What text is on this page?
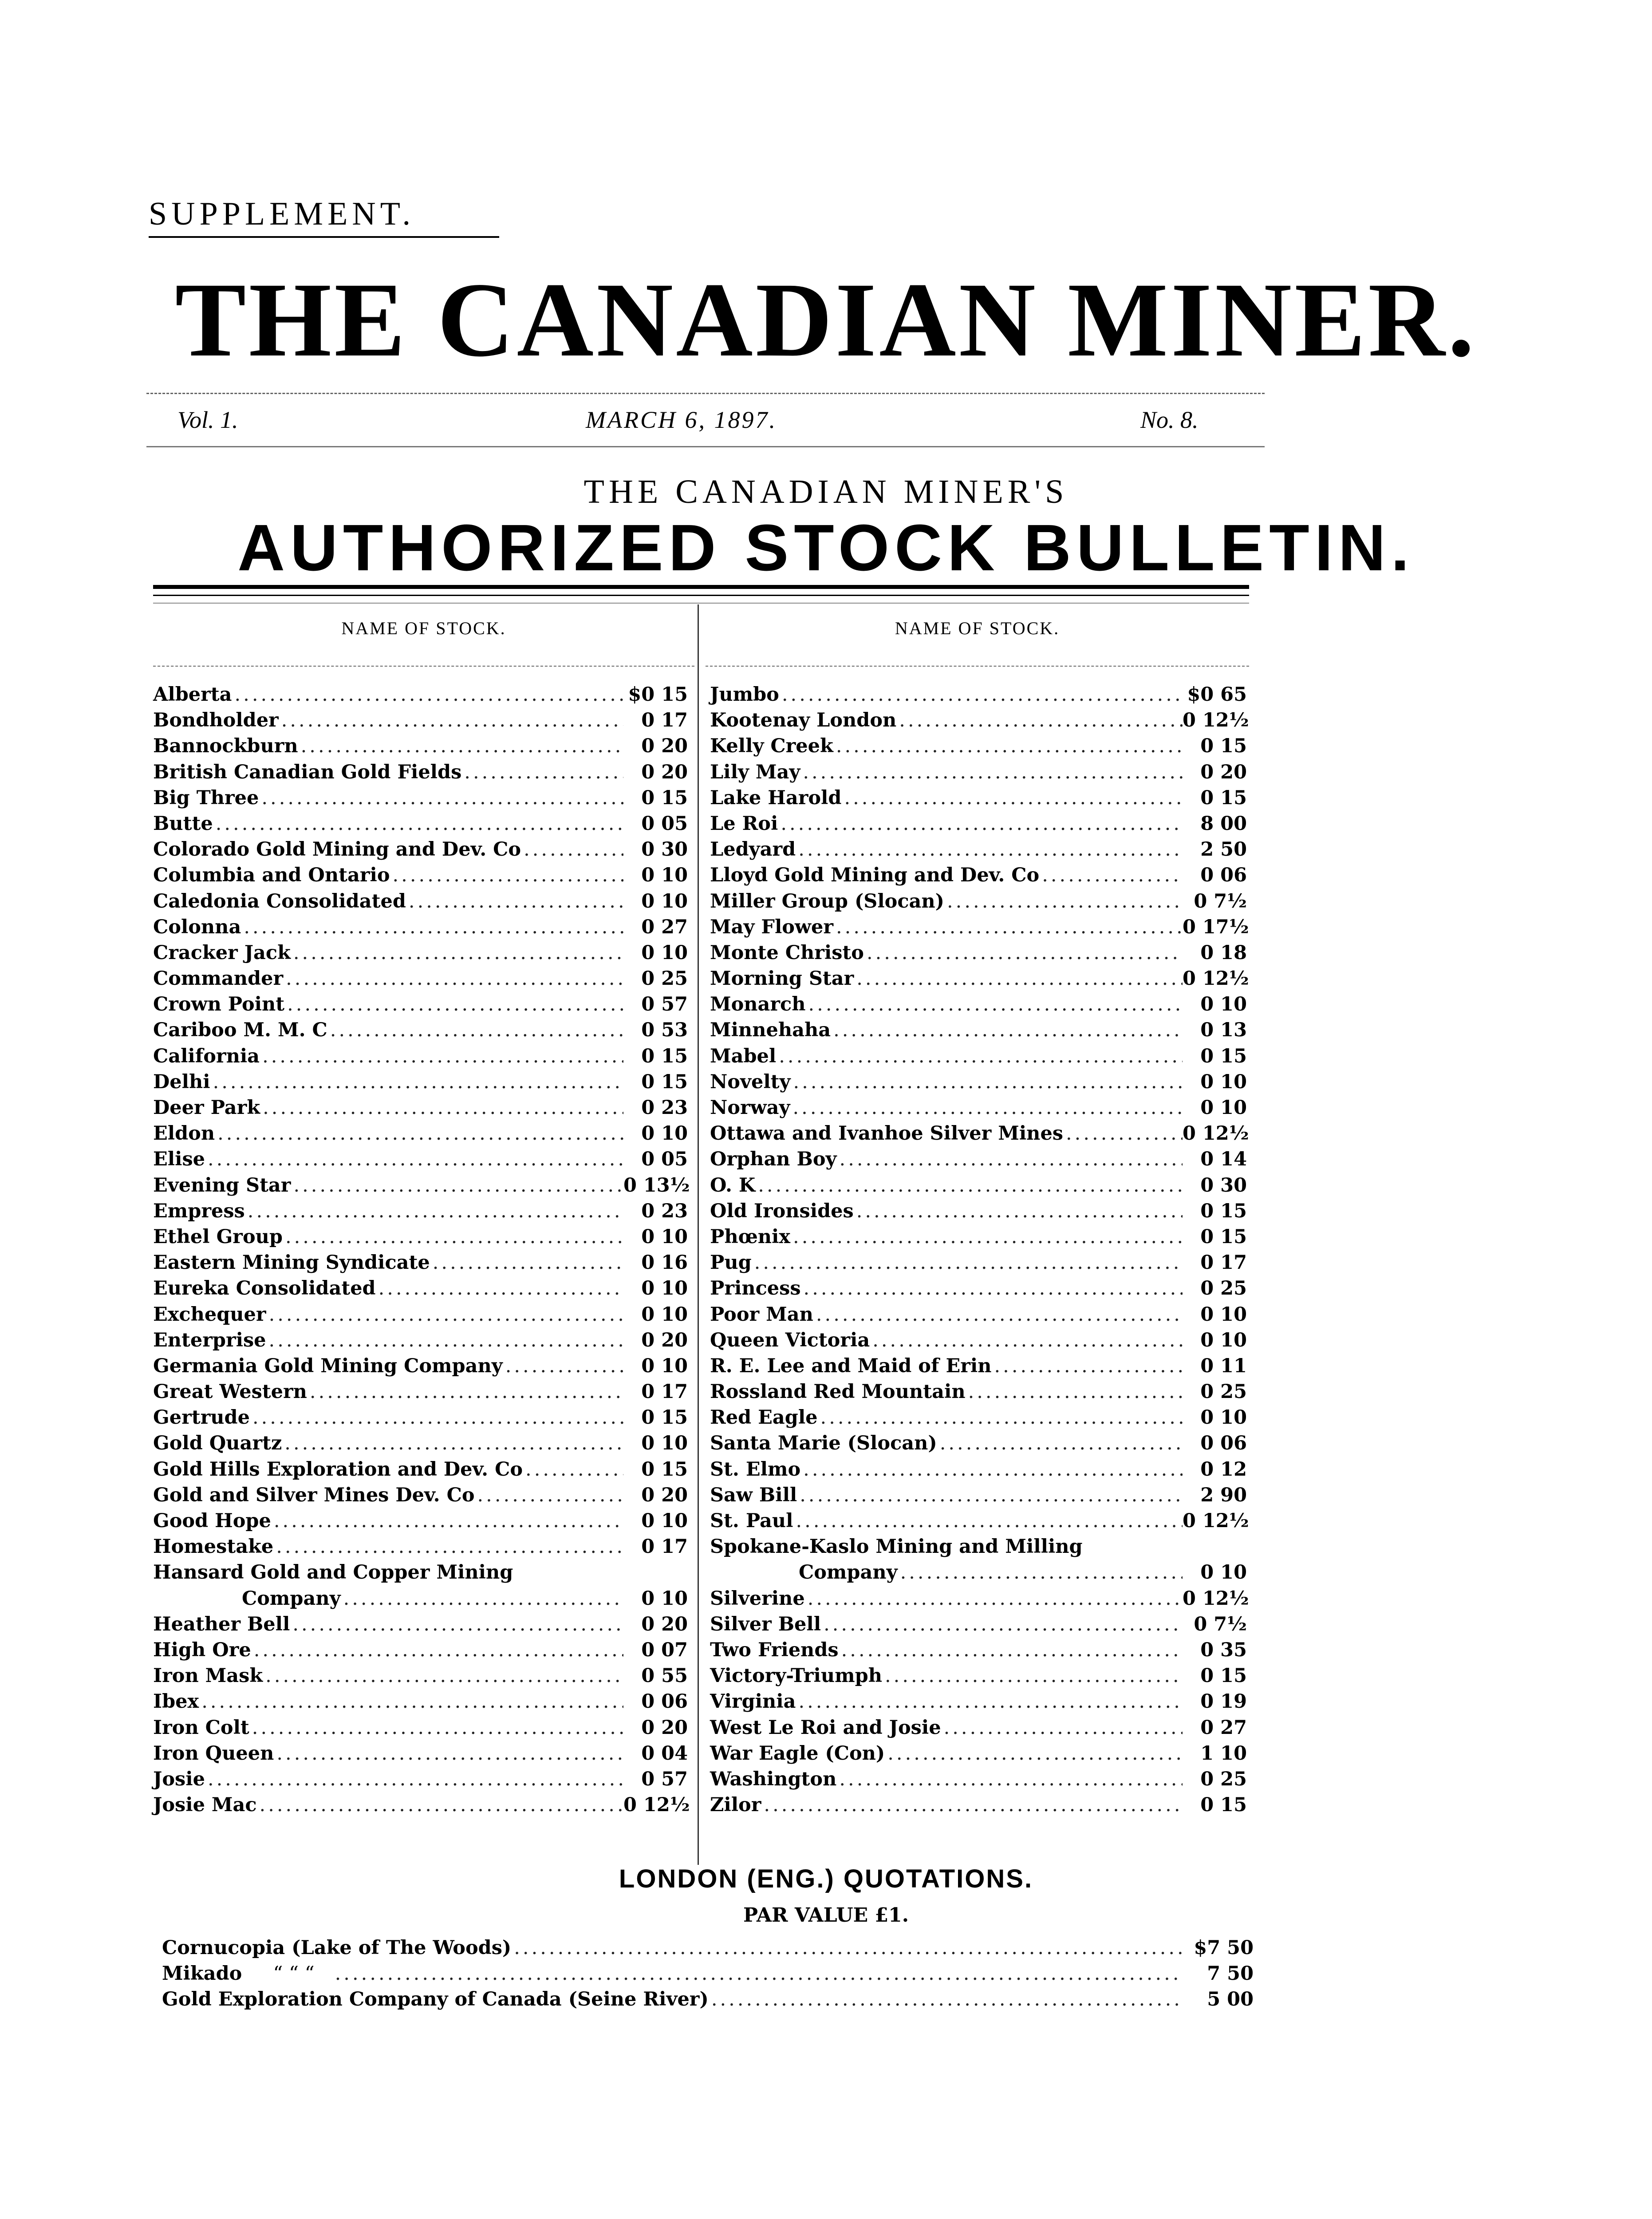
SUPPLEMENT.
THE CANADIAN MINER.
Vol. 1.	MARCH 6, 1897.	No. 8.
THE CANADIAN MINER'S
AUTHORIZED STOCK BULLETIN.
NAME OF STOCK.	NAME OF STOCK.
Alberta .....	$0 15
Bondholder .....	0 17
Bannockburn .....	0 20
British Canadian Gold Fields .....	0 20
Big Three .....	0 15
Butte .....	0 05
Colorado Gold Mining and Dev. Co .....	0 30
Columbia and Ontario .....	0 10
Caledonia Consolidated .....	0 10
Colonna .....	0 27
Cracker Jack .....	0 10
Commander .....	0 25
Crown Point .....	0 57
Cariboo M. M. C .....	0 53
California .....	0 15
Delhi .....	0 15
Deer Park .....	0 23
Eldon .....	0 10
Elise .....	0 05
Evening Star .....	0 13½
Empress .....	0 23
Ethel Group .....	0 10
Eastern Mining Syndicate .....	0 16
Eureka Consolidated .....	0 10
Exchequer .....	0 10
Enterprise .....	0 20
Germania Gold Mining Company .....	0 10
Great Western .....	0 17
Gertrude .....	0 15
Gold Quartz .....	0 10
Gold Hills Exploration and Dev. Co .....	0 15
Gold and Silver Mines Dev. Co .....	0 20
Good Hope .....	0 10
Homestake .....	0 17
Hansard Gold and Copper Mining
Company .....	0 10
Heather Bell .....	0 20
High Ore .....	0 07
Iron Mask .....	0 55
Ibex .....	0 06
Iron Colt .....	0 20
Iron Queen .....	0 04
Josie .....	0 57
Josie Mac .....	0 12½
Jumbo .....	$0 65
Kootenay London .....	0 12½
Kelly Creek .....	0 15
Lily May .....	0 20
Lake Harold .....	0 15
Le Roi .....	8 00
Ledyard .....	2 50
Lloyd Gold Mining and Dev. Co .....	0 06
Miller Group (Slocan) .....	0 7½
May Flower .....	0 17½
Monte Christo .....	0 18
Morning Star .....	0 12½
Monarch .....	0 10
Minnehaha .....	0 13
Mabel .....	0 15
Novelty .....	0 10
Norway .....	0 10
Ottawa and Ivanhoe Silver Mines .....	0 12½
Orphan Boy .....	0 14
O. K .....	0 30
Old Ironsides .....	0 15
Phœnix .....	0 15
Pug .....	0 17
Princess .....	0 25
Poor Man .....	0 10
Queen Victoria .....	0 10
R. E. Lee and Maid of Erin .....	0 11
Rossland Red Mountain .....	0 25
Red Eagle .....	0 10
Santa Marie (Slocan) .....	0 06
St. Elmo .....	0 12
Saw Bill .....	2 90
St. Paul .....	0 12½
Spokane-Kaslo Mining and Milling
Company .....	0 10
Silverine .....	0 12½
Silver Bell .....	0 7½
Two Friends .....	0 35
Victory-Triumph .....	0 15
Virginia .....	0 19
West Le Roi and Josie .....	0 27
War Eagle (Con) .....	1 10
Washington .....	0 25
Zilor .....	0 15
LONDON (ENG.) QUOTATIONS.
PAR VALUE £1.
Cornucopia (Lake of The Woods) .....	$7 50
Mikado	“ “ “ .....	7 50
Gold Exploration Company of Canada (Seine River) .....	5 00
